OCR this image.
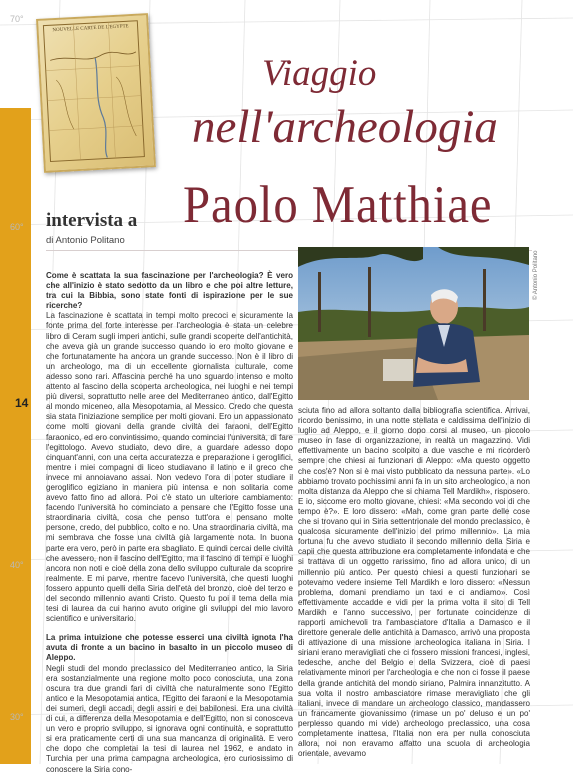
70°
60°
40°
30°
14
NOUVELLE CARTE DE L'EGYPTE
Viaggio
nell'archeologia
intervista a Paolo Matthiae
di Antonio Politano
© Antonio Politano

Come è scattata la sua fascinazione per l'archeologia? È vero che all'inizio è stato sedotto da un libro e che poi altre letture, tra cui la Bibbia, sono state fonti di ispirazione per le sue ricerche?

La fascinazione è scattata in tempi molto precoci e sicuramente la fonte prima del forte interesse per l'archeologia è stata un celebre libro di Ceram sugli imperi antichi, sulle grandi scoperte dell'antichità, che aveva già un grande successo quando io ero molto giovane e che fortunatamente ha ancora un grande successo. Non è il libro di un archeologo, ma di un eccellente giornalista culturale, come adesso sono rari. Affascina perché ha uno sguardo intenso e molto attento al fascino della scoperta archeologica, nei luoghi e nei tempi più diversi, soprattutto nelle aree del Mediterraneo antico, dall'Egitto al mondo miceneo, alla Mesopotamia, al Messico. Credo che questa sia stata l'iniziazione semplice per molti giovani. Ero un appassionato come molti giovani della grande civiltà dei faraoni, dell'Egitto faraonico, ed ero convintissimo, quando cominciai l'università, di fare l'egittologo. Avevo studiato, devo dire, a guardare adesso dopo cinquant'anni, con una certa accuratezza e preparazione i geroglifici, mentre i miei compagni di liceo studiavano il latino e il greco che invece mi annoiavano assai. Non vedevo l'ora di poter studiare il geroglifico egiziano in maniera più intensa e non solitaria come avevo fatto fino ad allora. Poi c'è stato un ulteriore cambiamento: facendo l'università ho cominciato a pensare che l'Egitto fosse una straordinaria civiltà, cosa che penso tutt'ora e pensano molte persone, credo, del pubblico, colto e no. Una straordinaria civiltà, ma mi sembrava che fosse una civiltà già largamente nota. In buona parte era vero, però in parte era sbagliato. E quindi cercai delle civiltà che avessero, non il fascino dell'Egitto, ma il fascino di tempi e luoghi ancora non noti e cioè della zona dello sviluppo culturale da scoprire realmente. E mi parve, mentre facevo l'università, che questi luoghi fossero appunto quelli della Siria dell'età del bronzo, cioè del terzo e del secondo millennio avanti Cristo. Questo fu poi il tema della mia tesi di laurea da cui hanno avuto origine gli sviluppi del mio lavoro scientifico e universitario.

La prima intuizione che potesse esserci una civiltà ignota l'ha avuta di fronte a un bacino in basalto in un piccolo museo di Aleppo.

Negli studi del mondo preclassico del Mediterraneo antico, la Siria era sostanzialmente una regione molto poco conosciuta, una zona oscura tra due grandi fari di civiltà che naturalmente sono l'Egitto antico e la Mesopotamia antica, l'Egitto dei faraoni e la Mesopotamia dei sumeri, degli accadi, degli assiri e dei babilonesi. Era una civiltà di cui, a differenza della Mesopotamia e dell'Egitto, non si conosceva un vero e proprio sviluppo, si ignorava ogni continuità, e soprattutto si era praticamente certi di una sua mancanza di originalità. E vero che dopo che completai la tesi di laurea nel 1962, e andato in Turchia per una prima campagna archeologica, ero curiosissimo di conoscere la Siria cono-

sciuta fino ad allora soltanto dalla bibliografia scientifica. Arrivai, ricordo benissimo, in una notte stellata e caldissima dell'inizio di luglio ad Aleppo, e il giorno dopo corsi al museo, un piccolo museo in fase di organizzazione, in realtà un magazzino. Vidi effettivamente un bacino scolpito a due vasche e mi ricorderò sempre che chiesi ai funzionari di Aleppo: «Ma questo oggetto che cos'è? Non si è mai visto pubblicato da nessuna parte». «Lo abbiamo trovato pochissimi anni fa in un sito archeologico, a non molta distanza da Aleppo che si chiama Tell Mardikh», risposero. E io, siccome ero molto giovane, chiesi: «Ma secondo voi di che tempo è?». E loro dissero: «Mah, come gran parte delle cose che si trovano qui in Siria settentrionale del mondo preclassico, è qualcosa sicuramente dell'inizio del primo millennio». La mia fortuna fu che avevo studiato il secondo millennio della Siria e capii che questa attribuzione era completamente infondata e che si trattava di un oggetto rarissimo, fino ad allora unico, di un millennio più antico. Per questo chiesi a questi funzionari se potevamo vedere insieme Tell Mardikh e loro dissero: «Nessun problema, domani prendiamo un taxi e ci andiamo». Così effettivamente accadde e vidi per la prima volta il sito di Tell Mardikh e l'anno successivo, per fortunate coincidenze di rapporti amichevoli tra l'ambasciatore d'Italia a Damasco e il direttore generale delle antichità a Damasco, arrivò una proposta di attivazione di una missione archeologica italiana in Siria. I siriani erano meravigliati che ci fossero missioni francesi, inglesi, tedesche, anche del Belgio e della Svizzera, cioè di paesi relativamente minori per l'archeologia e che non ci fosse il paese della grande antichità del mondo siriano, Palmira innanzitutto. A sua volta il nostro ambasciatore rimase meravigliato che gli italiani, invece di mandare un archeologo classico, mandassero un francamente giovanissimo (rimase un po' deluso e un po' perplesso quando mi vide) archeologo preclassico, una cosa completamente inattesa, l'Italia non era per nulla conosciuta allora, noi non eravamo affatto una scuola di archeologia orientale, avevamo
